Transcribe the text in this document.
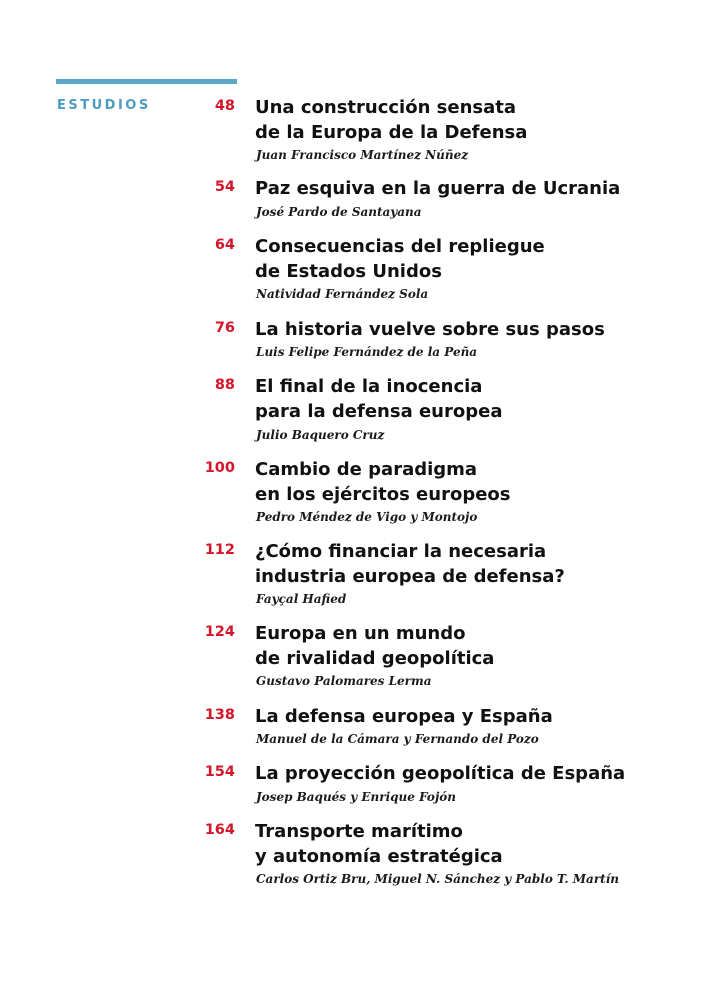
ESTUDIOS	48 Una construcción sensata
de la Europa de la Defensa
Juan Francisco Martínez Núñez
54 Paz esquiva en la guerra de Ucrania
José Pardo de Santayana
64 Consecuencias del repliegue
de Estados Unidos
Natividad Fernández Sola
76 La historia vuelve sobre sus pasos
Luis Felipe Fernández de la Peña
88 El final de la inocencia
para la defensa europea
Julio Baquero Cruz
100 Cambio de paradigma
en los ejércitos europeos
Pedro Méndez de Vigo y Montojo
112 ¿Cómo financiar la necesaria
industria europea de defensa?
Fayçal Hafied
124 Europa en un mundo
de rivalidad geopolítica
Gustavo Palomares Lerma
138 La defensa europea y España
Manuel de la Cámara y Fernando del Pozo
154 La proyección geopolítica de España
Josep Baqués y Enrique Fojón
164 Transporte marítimo
y autonomía estratégica
Carlos Ortiz Bru, Miguel N. Sánchez y Pablo T. Martín
